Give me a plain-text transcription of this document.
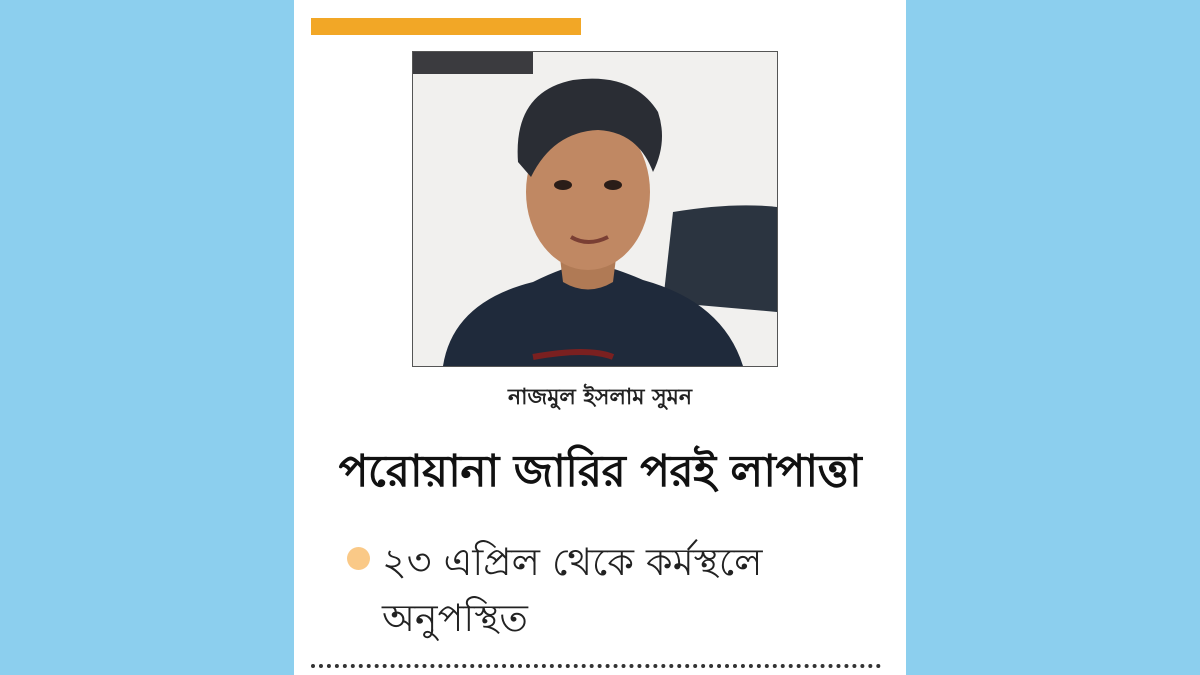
নাজমুল ইসলাম সুমন
পরোয়ানা জারির পরই লাপাত্তা
২৩ এপ্রিল থেকে কর্মস্থলে অনুপস্থিত
